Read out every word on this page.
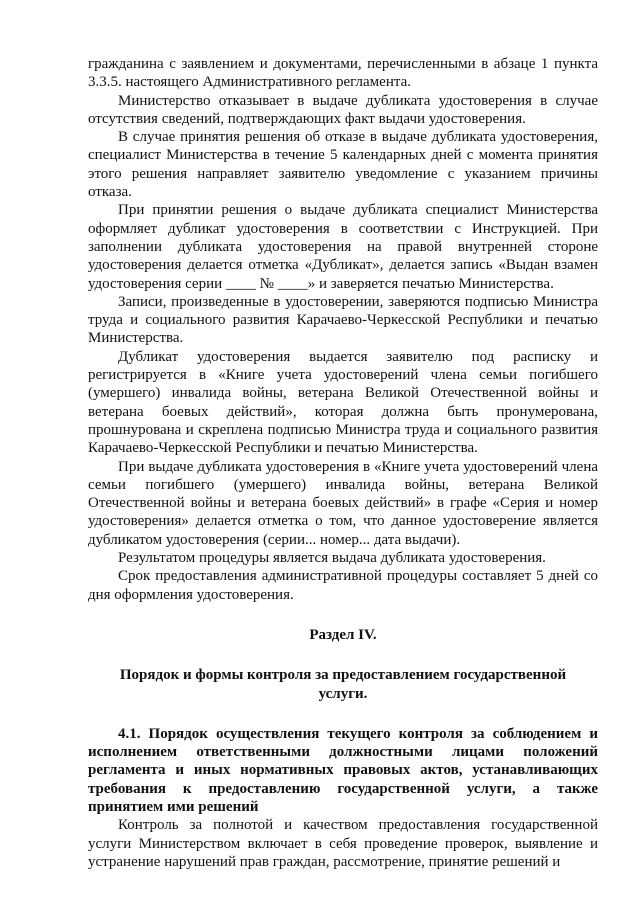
гражданина с заявлением и документами, перечисленными в абзаце 1 пункта 3.3.5. настоящего Административного регламента.

Министерство отказывает в выдаче дубликата удостоверения в случае отсутствия сведений, подтверждающих факт выдачи удостоверения.

В случае принятия решения об отказе в выдаче дубликата удостоверения, специалист Министерства в течение 5 календарных дней с момента принятия этого решения направляет заявителю уведомление с указанием причины отказа.

При принятии решения о выдаче дубликата специалист Министерства оформляет дубликат удостоверения в соответствии с Инструкцией. При заполнении дубликата удостоверения на правой внутренней стороне удостоверения делается отметка «Дубликат», делается запись «Выдан взамен удостоверения серии ____ № ____» и заверяется печатью Министерства.

Записи, произведенные в удостоверении, заверяются подписью Министра труда и социального развития Карачаево-Черкесской Республики и печатью Министерства.

Дубликат удостоверения выдается заявителю под расписку и регистрируется в «Книге учета удостоверений члена семьи погибшего (умершего) инвалида войны, ветерана Великой Отечественной войны и ветерана боевых действий», которая должна быть пронумерована, прошнурована и скреплена подписью Министра труда и социального развития Карачаево-Черкесской Республики и печатью Министерства.

При выдаче дубликата удостоверения в «Книге учета удостоверений члена семьи погибшего (умершего) инвалида войны, ветерана Великой Отечественной войны и ветерана боевых действий» в графе «Серия и номер удостоверения» делается отметка о том, что данное удостоверение является дубликатом удостоверения (серии... номер... дата выдачи).

Результатом процедуры является выдача дубликата удостоверения.

Срок предоставления административной процедуры составляет 5 дней со дня оформления удостоверения.

Раздел IV.
Порядок и формы контроля за предоставлением государственной услуги.

4.1. Порядок осуществления текущего контроля за соблюдением и исполнением ответственными должностными лицами положений регламента и иных нормативных правовых актов, устанавливающих требования к предоставлению государственной услуги, а также принятием ими решений

Контроль за полнотой и качеством предоставления государственной услуги Министерством включает в себя проведение проверок, выявление и устранение нарушений прав граждан, рассмотрение, принятие решений и
